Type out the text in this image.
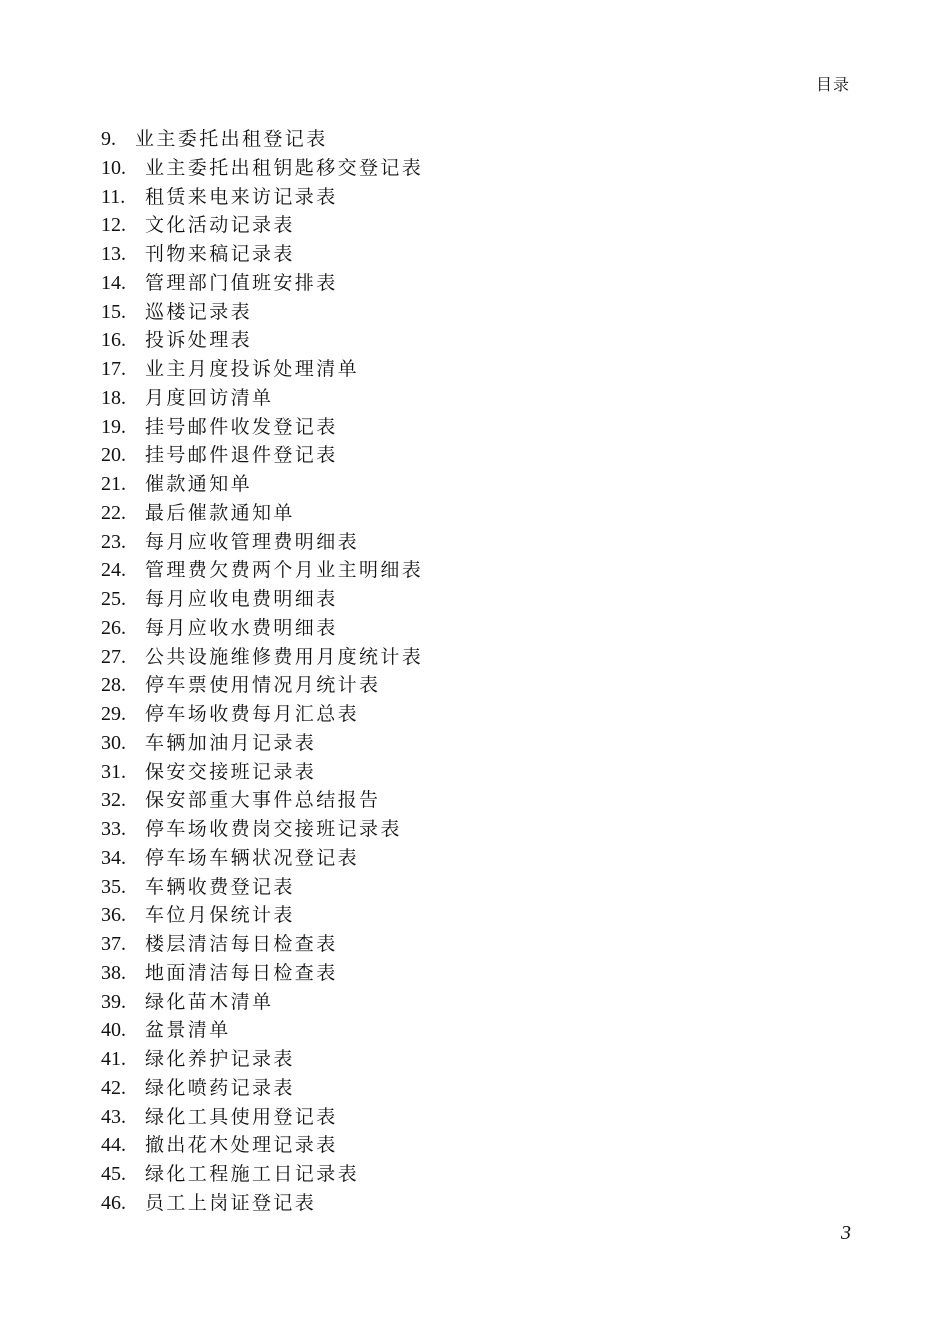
目录
9.	业主委托出租登记表
10.	业主委托出租钥匙移交登记表
11.	租赁来电来访记录表
12.	文化活动记录表
13.	刊物来稿记录表
14.	管理部门值班安排表
15.	巡楼记录表
16.	投诉处理表
17.	业主月度投诉处理清单
18.	月度回访清单
19.	挂号邮件收发登记表
20.	挂号邮件退件登记表
21.	催款通知单
22.	最后催款通知单
23.	每月应收管理费明细表
24.	管理费欠费两个月业主明细表
25.	每月应收电费明细表
26.	每月应收水费明细表
27.	公共设施维修费用月度统计表
28.	停车票使用情况月统计表
29.	停车场收费每月汇总表
30.	车辆加油月记录表
31.	保安交接班记录表
32.	保安部重大事件总结报告
33.	停车场收费岗交接班记录表
34.	停车场车辆状况登记表
35.	车辆收费登记表
36.	车位月保统计表
37.	楼层清洁每日检查表
38.	地面清洁每日检查表
39.	绿化苗木清单
40.	盆景清单
41.	绿化养护记录表
42.	绿化喷药记录表
43.	绿化工具使用登记表
44.	撤出花木处理记录表
45.	绿化工程施工日记录表
46.	员工上岗证登记表
3
